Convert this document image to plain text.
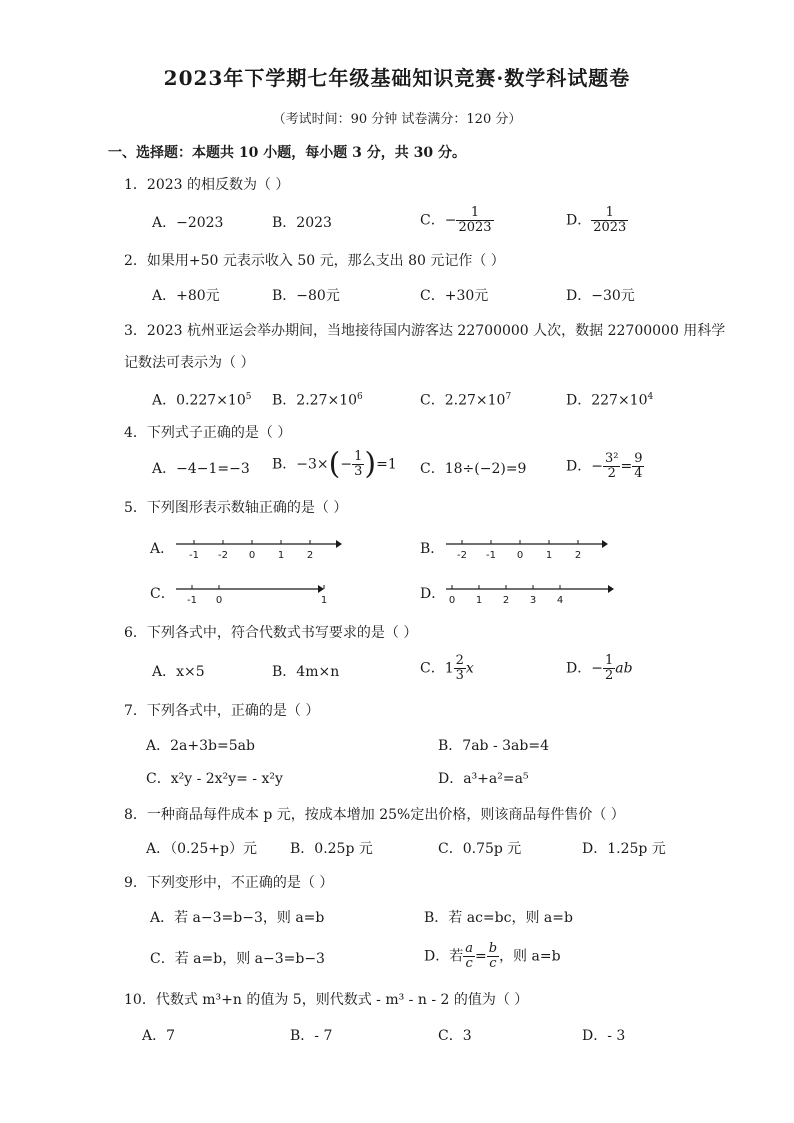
2023年下学期七年级基础知识竞赛·数学科试题卷
（考试时间：90 分钟 试卷满分：120 分）
一、选择题：本题共 10 小题，每小题 3 分，共 30 分。
1．2023 的相反数为（ ）
A．−2023	B．2023	C．− $\frac{1}{2023}$	D． $\frac{1}{2023}$
2．如果用+50 元表示收入 50 元，那么支出 80 元记作（ ）
A．+80元	B．−80元	C．+30元	D．−30元
3．2023 杭州亚运会举办期间，当地接待国内游客达 22700000 人次，数据 22700000 用科学
记数法可表示为（ ）
A．$0.227\times 10^5$ B．$2.27\times 10^6$	C．$2.27\times 10^7$	D．$227\times 10^4$
4．下列式子正确的是（ ）
A．−4−1=−3 B．$-3\times(- \frac{1}{3} )=1$ C．18÷(−2)=9	D．− $\frac{\text{3²}}{2} = \frac{9}{4}$
5．下列图形表示数轴正确的是（ ）
A． -1 -2 0 1 2	B． -2 -1 0 1 2
C． -1 0	1	D． 0 1 2 3 4
6．下列各式中，符合代数式书写要求的是（ ）
A．x×5	B．4m×n	C．$1 \frac{2}{3}$ x	D．− $\frac{1}{2}$ ab
7．下列各式中，正确的是（ ）
A．2a+3b=5ab	B．7ab - 3ab=4
C．x²y - 2x²y= - x²y	D．a³+a²=a⁵
8．一种商品每件成本 p 元，按成本增加 25%定出价格，则该商品每件售价（ ）
A．（0.25+p）元 B．0.25p 元	C．0.75p 元	D．1.25p 元
9．下列变形中，不正确的是（ ）
A．若 a−3=b−3，则 a=b	B．若 ac=bc，则 a=b
C．若 a=b，则 a−3=b−3	D．若 $\frac{a}{c} = \frac{b}{c}$ ，则 a=b
10．代数式 m³+n 的值为 5，则代数式 - m³ - n - 2 的值为（ ）
A．7	B．- 7	C．3	D．- 3
